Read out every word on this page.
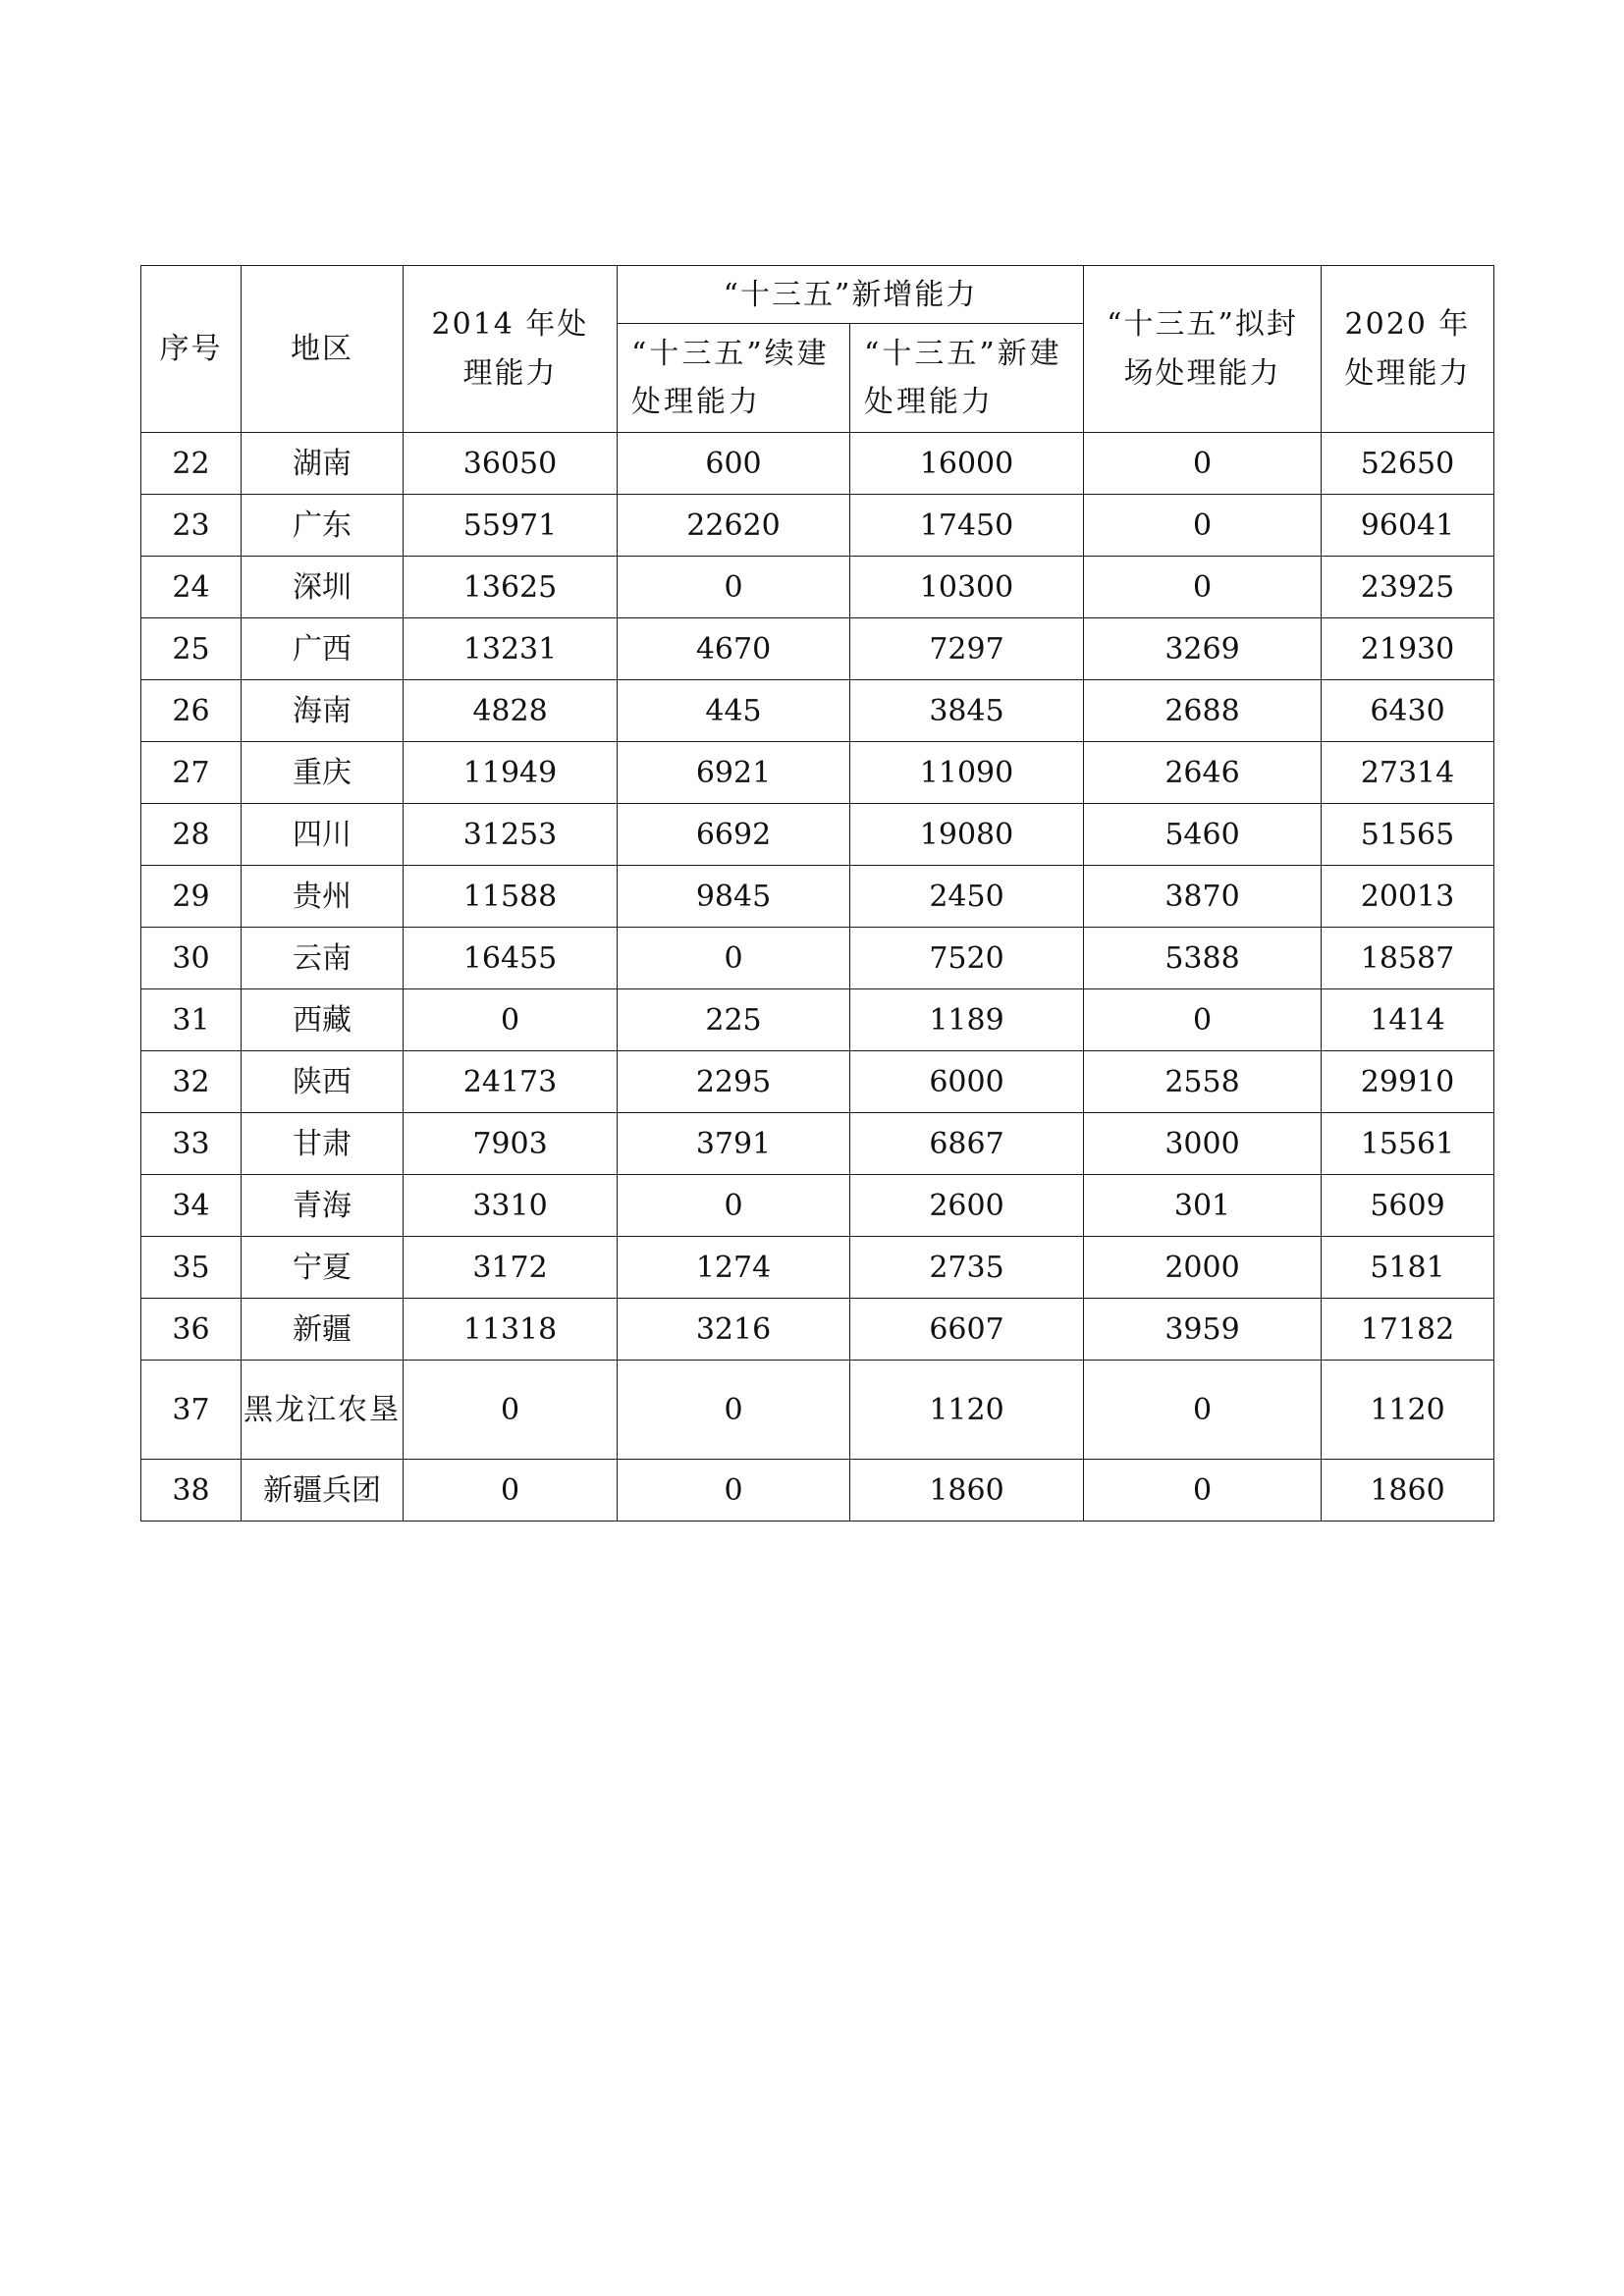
序号	地区	2014 年处理能力	“十三五”新增能力		“十三五”拟封场处理能力	2020 年处理能力
			“十三五”续建处理能力	“十三五”新建处理能力		
22	湖南	36050	600	16000	0	52650
23	广东	55971	22620	17450	0	96041
24	深圳	13625	0	10300	0	23925
25	广西	13231	4670	7297	3269	21930
26	海南	4828	445	3845	2688	6430
27	重庆	11949	6921	11090	2646	27314
28	四川	31253	6692	19080	5460	51565
29	贵州	11588	9845	2450	3870	20013
30	云南	16455	0	7520	5388	18587
31	西藏	0	225	1189	0	1414
32	陕西	24173	2295	6000	2558	29910
33	甘肃	7903	3791	6867	3000	15561
34	青海	3310	0	2600	301	5609
35	宁夏	3172	1274	2735	2000	5181
36	新疆	11318	3216	6607	3959	17182
37	黑龙江农垦	0	0	1120	0	1120
38	新疆兵团	0	0	1860	0	1860
